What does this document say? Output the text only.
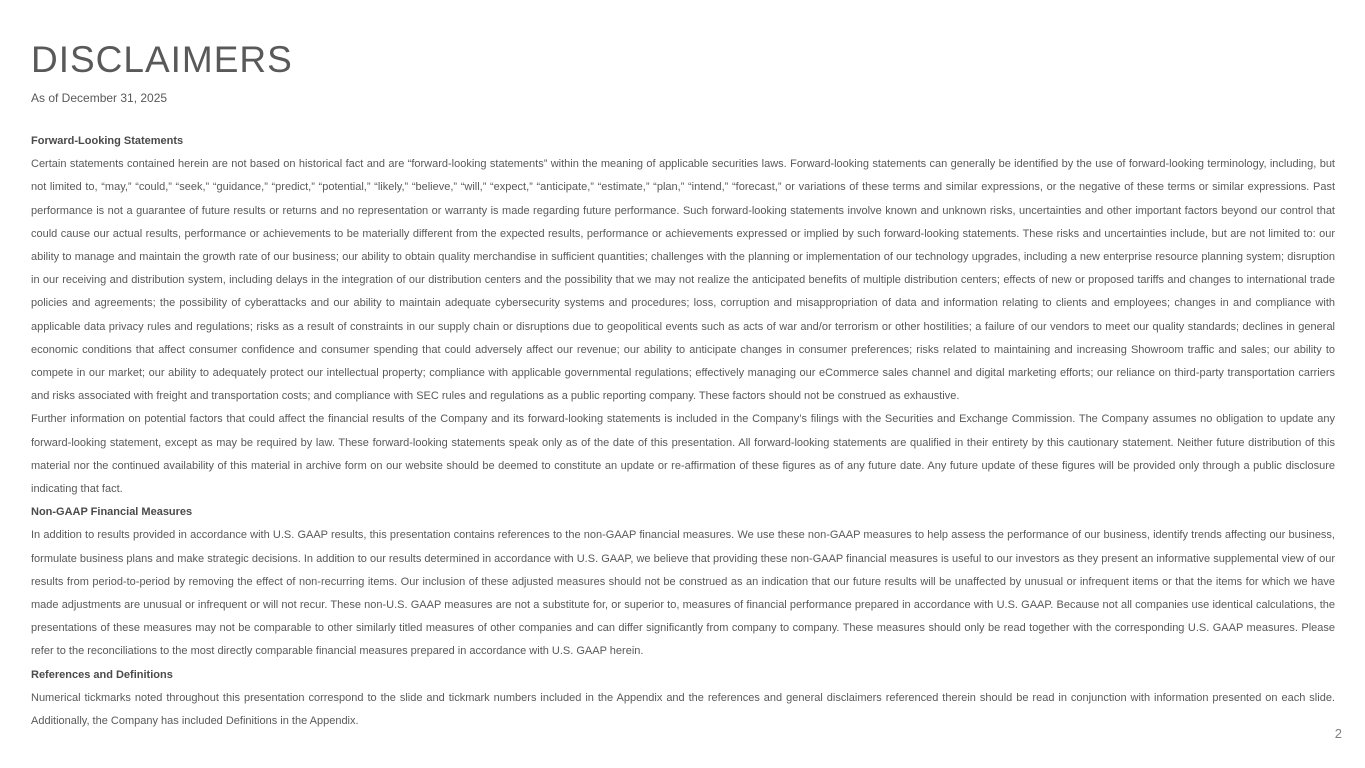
DISCLAIMERS
As of December 31, 2025

Forward-Looking Statements

Certain statements contained herein are not based on historical fact and are “forward-looking statements” within the meaning of applicable securities laws. Forward-looking statements can generally be identified by the use of forward-looking terminology, including, but not limited to, “may,” “could,” “seek,” “guidance,” “predict,” “potential,” “likely,” “believe,” “will,” “expect,” “anticipate,” “estimate,” “plan,” “intend,” “forecast,” or variations of these terms and similar expressions, or the negative of these terms or similar expressions. Past performance is not a guarantee of future results or returns and no representation or warranty is made regarding future performance. Such forward-looking statements involve known and unknown risks, uncertainties and other important factors beyond our control that could cause our actual results, performance or achievements to be materially different from the expected results, performance or achievements expressed or implied by such forward-looking statements. These risks and uncertainties include, but are not limited to: our ability to manage and maintain the growth rate of our business; our ability to obtain quality merchandise in sufficient quantities; challenges with the planning or implementation of our technology upgrades, including a new enterprise resource planning system; disruption in our receiving and distribution system, including delays in the integration of our distribution centers and the possibility that we may not realize the anticipated benefits of multiple distribution centers; effects of new or proposed tariffs and changes to international trade policies and agreements; the possibility of cyberattacks and our ability to maintain adequate cybersecurity systems and procedures; loss, corruption and misappropriation of data and information relating to clients and employees; changes in and compliance with applicable data privacy rules and regulations; risks as a result of constraints in our supply chain or disruptions due to geopolitical events such as acts of war and/or terrorism or other hostilities; a failure of our vendors to meet our quality standards; declines in general economic conditions that affect consumer confidence and consumer spending that could adversely affect our revenue; our ability to anticipate changes in consumer preferences; risks related to maintaining and increasing Showroom traffic and sales; our ability to compete in our market; our ability to adequately protect our intellectual property; compliance with applicable governmental regulations; effectively managing our eCommerce sales channel and digital marketing efforts; our reliance on third-party transportation carriers and risks associated with freight and transportation costs; and compliance with SEC rules and regulations as a public reporting company. These factors should not be construed as exhaustive.

Further information on potential factors that could affect the financial results of the Company and its forward-looking statements is included in the Company’s filings with the Securities and Exchange Commission. The Company assumes no obligation to update any forward-looking statement, except as may be required by law. These forward-looking statements speak only as of the date of this presentation. All forward-looking statements are qualified in their entirety by this cautionary statement. Neither future distribution of this material nor the continued availability of this material in archive form on our website should be deemed to constitute an update or re-affirmation of these figures as of any future date. Any future update of these figures will be provided only through a public disclosure indicating that fact.

Non-GAAP Financial Measures

In addition to results provided in accordance with U.S. GAAP results, this presentation contains references to the non-GAAP financial measures. We use these non-GAAP measures to help assess the performance of our business, identify trends affecting our business, formulate business plans and make strategic decisions. In addition to our results determined in accordance with U.S. GAAP, we believe that providing these non-GAAP financial measures is useful to our investors as they present an informative supplemental view of our results from period-to-period by removing the effect of non-recurring items. Our inclusion of these adjusted measures should not be construed as an indication that our future results will be unaffected by unusual or infrequent items or that the items for which we have made adjustments are unusual or infrequent or will not recur. These non-U.S. GAAP measures are not a substitute for, or superior to, measures of financial performance prepared in accordance with U.S. GAAP. Because not all companies use identical calculations, the presentations of these measures may not be comparable to other similarly titled measures of other companies and can differ significantly from company to company. These measures should only be read together with the corresponding U.S. GAAP measures. Please refer to the reconciliations to the most directly comparable financial measures prepared in accordance with U.S. GAAP herein.

References and Definitions

Numerical tickmarks noted throughout this presentation correspond to the slide and tickmark numbers included in the Appendix and the references and general disclaimers referenced therein should be read in conjunction with information presented on each slide. Additionally, the Company has included Definitions in the Appendix.

2
